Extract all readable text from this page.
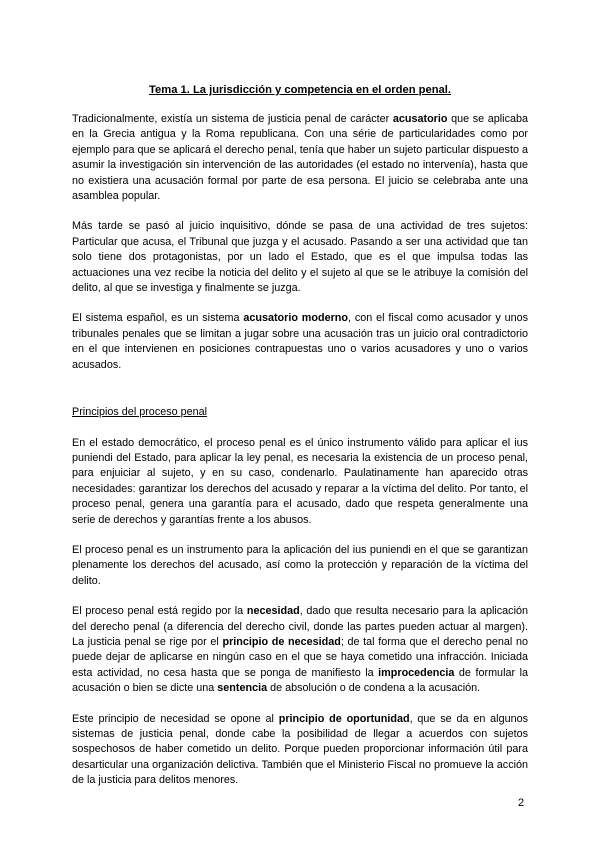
Tema 1. La jurisdicción y competencia en el orden penal.

Tradicionalmente, existía un sistema de justicia penal de carácter acusatorio que se aplicaba en la Grecia antigua y la Roma republicana. Con una série de particularidades como por ejemplo para que se aplicará el derecho penal, tenía que haber un sujeto particular dispuesto a asumir la investigación sin intervención de las autoridades (el estado no intervenía), hasta que no existiera una acusación formal por parte de esa persona. El juicio se celebraba ante una asamblea popular.

Más tarde se pasó al juicio inquisitivo, dónde se pasa de una actividad de tres sujetos: Particular que acusa, el Tribunal que juzga y el acusado. Pasando a ser una actividad que tan solo tiene dos protagonistas, por un lado el Estado, que es el que impulsa todas las actuaciones una vez recibe la noticia del delito y el sujeto al que se le atribuye la comisión del delito, al que se investiga y finalmente se juzga.

El sistema español, es un sistema acusatorio moderno, con el fiscal como acusador y unos tribunales penales que se limitan a jugar sobre una acusación tras un juicio oral contradictorio en el que intervienen en posiciones contrapuestas uno o varios acusadores y uno o varios acusados.

Principios del proceso penal

En el estado democrático, el proceso penal es el único instrumento válido para aplicar el ius puniendi del Estado, para aplicar la ley penal, es necesaria la existencia de un proceso penal, para enjuiciar al sujeto, y en su caso, condenarlo. Paulatinamente han aparecido otras necesidades: garantizar los derechos del acusado y reparar a la víctima del delito. Por tanto, el proceso penal, genera una garantía para el acusado, dado que respeta generalmente una serie de derechos y garantías frente a los abusos.

El proceso penal es un instrumento para la aplicación del ius puniendi en el que se garantizan plenamente los derechos del acusado, así como la protección y reparación de la víctima del delito.

El proceso penal está regido por la necesidad, dado que resulta necesario para la aplicación del derecho penal (a diferencia del derecho civil, donde las partes pueden actuar al margen). La justicia penal se rige por el principio de necesidad; de tal forma que el derecho penal no puede dejar de aplicarse en ningún caso en el que se haya cometido una infracción. Iniciada esta actividad, no cesa hasta que se ponga de manifiesto la improcedencia de formular la acusación o bien se dicte una sentencia de absolución o de condena a la acusación.

Este principio de necesidad se opone al principio de oportunidad, que se da en algunos sistemas de justicia penal, donde cabe la posibilidad de llegar a acuerdos con sujetos sospechosos de haber cometido un delito. Porque pueden proporcionar información útil para desarticular una organización delictiva. También que el Ministerio Fiscal no promueve la acción de la justicia para delitos menores.

2
